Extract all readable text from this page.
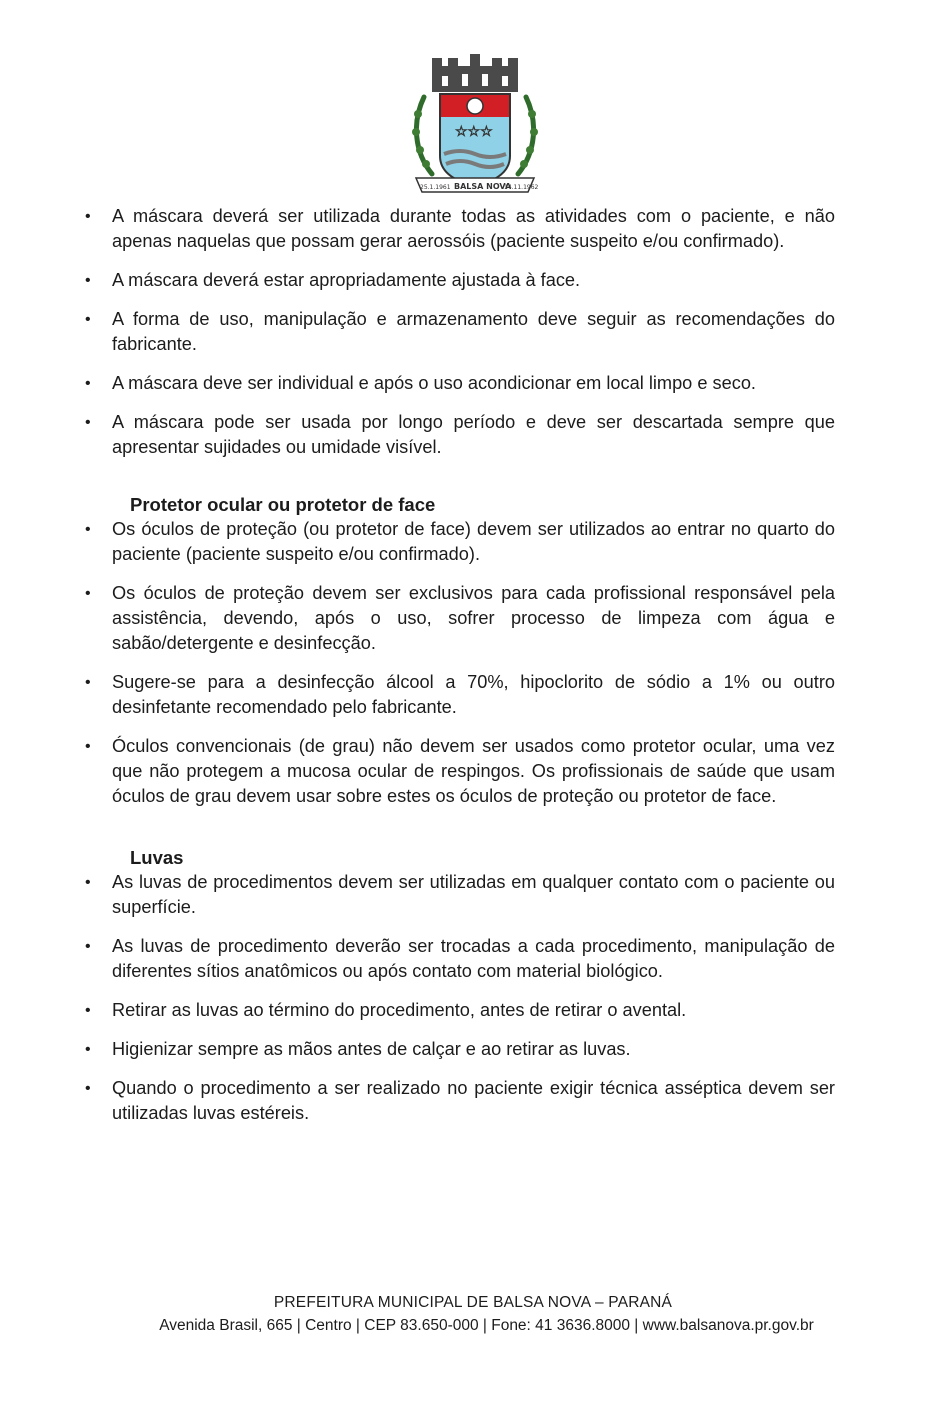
☆☆☆
25.1.1961 BALSA NOVA
14.11.1962
• A máscara deverá ser utilizada durante todas as atividades com o paciente, e não apenas naquelas que possam gerar aerossóis (paciente suspeito e/ou confirmado).
• A máscara deverá estar apropriadamente ajustada à face.
• A forma de uso, manipulação e armazenamento deve seguir as recomendações do fabricante.
• A máscara deve ser individual e após o uso acondicionar em local limpo e seco.
• A máscara pode ser usada por longo período e deve ser descartada sempre que apresentar sujidades ou umidade visível.
Protetor ocular ou protetor de face
• Os óculos de proteção (ou protetor de face) devem ser utilizados ao entrar no quarto do paciente (paciente suspeito e/ou confirmado).
• Os óculos de proteção devem ser exclusivos para cada profissional responsável pela assistência, devendo, após o uso, sofrer processo de limpeza com água e sabão/detergente e desinfecção.
• Sugere-se para a desinfecção álcool a 70%, hipoclorito de sódio a 1% ou outro desinfetante recomendado pelo fabricante.
• Óculos convencionais (de grau) não devem ser usados como protetor ocular, uma vez que não protegem a mucosa ocular de respingos. Os profissionais de saúde que usam óculos de grau devem usar sobre estes os óculos de proteção ou protetor de face.
Luvas
• As luvas de procedimentos devem ser utilizadas em qualquer contato com o paciente ou superfície.
• As luvas de procedimento deverão ser trocadas a cada procedimento, manipulação de diferentes sítios anatômicos ou após contato com material biológico.
• Retirar as luvas ao término do procedimento, antes de retirar o avental.
• Higienizar sempre as mãos antes de calçar e ao retirar as luvas.
• Quando o procedimento a ser realizado no paciente exigir técnica asséptica devem ser utilizadas luvas estéreis.
PREFEITURA MUNICIPAL DE BALSA NOVA – PARANÁ
Avenida Brasil, 665 | Centro | CEP 83.650-000 | Fone: 41 3636.8000 | www.balsanova.pr.gov.br
